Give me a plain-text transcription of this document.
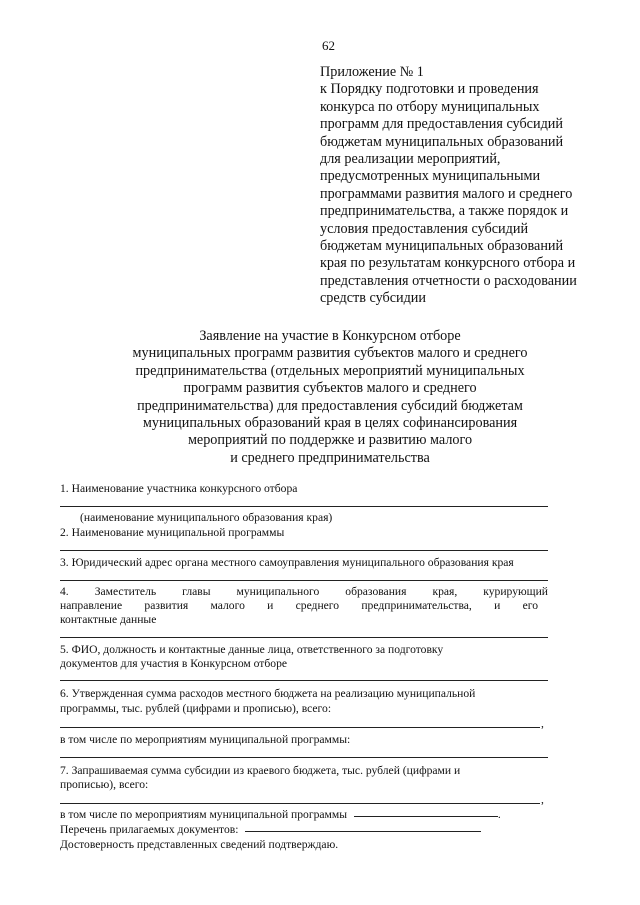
62
Приложение № 1
к Порядку подготовки и проведения
конкурса по отбору муниципальных
программ для предоставления субсидий
бюджетам муниципальных образований
для реализации мероприятий,
предусмотренных муниципальными
программами развития малого и среднего
предпринимательства, а также порядок и
условия предоставления субсидий
бюджетам муниципальных образований
края по результатам конкурсного отбора и
представления отчетности о расходовании
средств субсидии
Заявление на участие в Конкурсном отборе
муниципальных программ развития субъектов малого и среднего
предпринимательства (отдельных мероприятий муниципальных
программ развития субъектов малого и среднего
предпринимательства) для предоставления субсидий бюджетам
муниципальных образований края в целях софинансирования
мероприятий по поддержке и развитию малого
и среднего предпринимательства
1. Наименование участника конкурсного отбора
(наименование муниципального образования края)
2. Наименование муниципальной программы
3. Юридический адрес органа местного самоуправления муниципального образования края
4. Заместитель главы муниципального образования края, курирующий
направление развития малого и среднего предпринимательства, и его
контактные данные
5. ФИО, должность и контактные данные лица, ответственного за подготовку
документов для участия в Конкурсном отборе
6. Утвержденная сумма расходов местного бюджета на реализацию муниципальной
программы, тыс. рублей (цифрами и прописью), всего:
,
в том числе по мероприятиям муниципальной программы:
7. Запрашиваемая сумма субсидии из краевого бюджета, тыс. рублей (цифрами и
прописью), всего:
,
в том числе по мероприятиям муниципальной программы	.
Перечень прилагаемых документов:
Достоверность представленных сведений подтверждаю.
